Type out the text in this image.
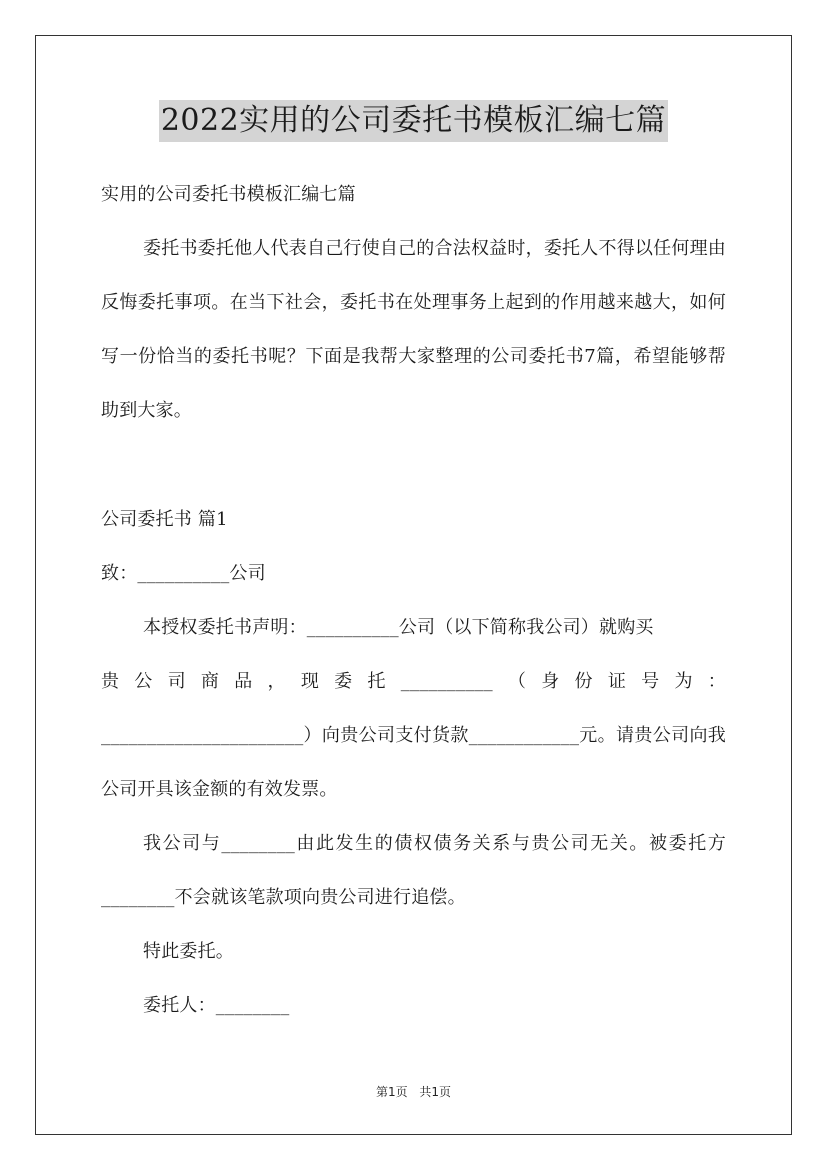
2022实用的公司委托书模板汇编七篇

实用的公司委托书模板汇编七篇

委托书委托他人代表自己行使自己的合法权益时，委托人不得以任何理由反悔委托事项。在当下社会，委托书在处理事务上起到的作用越来越大，如何写一份恰当的委托书呢？下面是我帮大家整理的公司委托书7篇，希望能够帮助到大家。

公司委托书 篇1

致：__________公司

本授权委托书声明：__________公司（以下简称我公司）就购买

贵公司商品，现委托__________（身份证号为：

______________________）向贵公司支付货款____________元。请贵公司向我公司开具该金额的有效发票。

我公司与________由此发生的债权债务关系与贵公司无关。被委托方________不会就该笔款项向贵公司进行追偿。

特此委托。

委托人：________

第1页 共1页
